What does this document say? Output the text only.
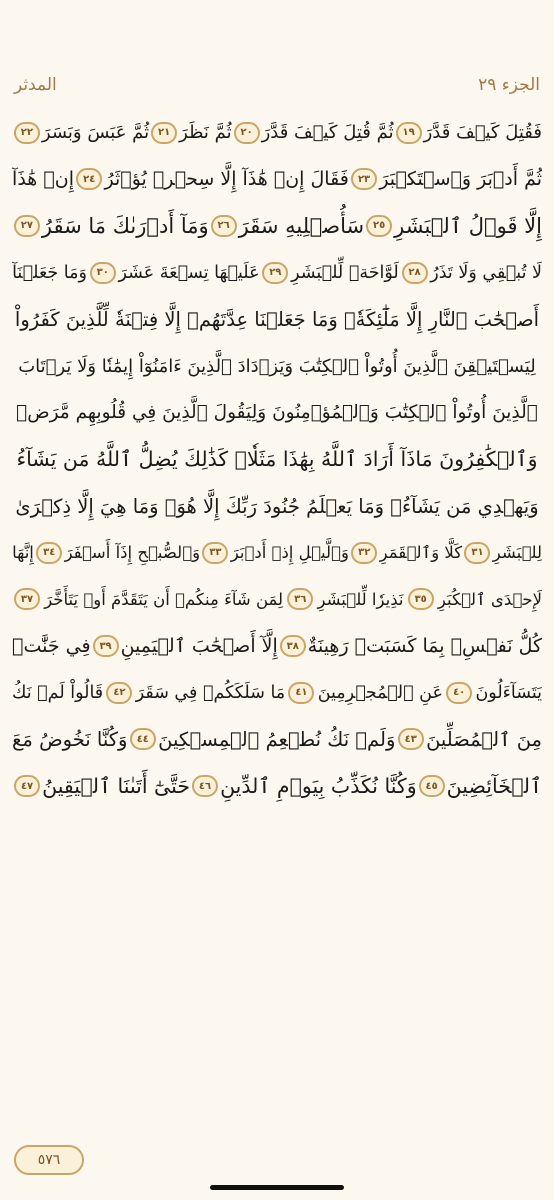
المدثر	الجزء ٢٩
فَقُتِلَ كَيۡفَ قَدَّرَ
١٩
ثُمَّ قُتِلَ كَيۡفَ قَدَّرَ
٢٠
ثُمَّ نَظَرَ
٢١
ثُمَّ عَبَسَ وَبَسَرَ
٢٢
ثُمَّ أَدۡبَرَ وَٱسۡتَكۡبَرَ
٢٣
فَقَالَ إِنۡ هَٰذَآ إِلَّا سِحۡرٞ يُؤۡثَرُ
٢٤
إِنۡ هَٰذَآ
إِلَّا قَوۡلُ ٱلۡبَشَرِ
٢٥
سَأُصۡلِيهِ سَقَرَ
٢٦
وَمَآ أَدۡرَىٰكَ مَا سَقَرُ
٢٧
لَا تُبۡقِي وَلَا تَذَرُ
٢٨
لَوَّاحَةٞ لِّلۡبَشَرِ
٢٩
عَلَيۡهَا تِسۡعَةَ عَشَرَ
٣٠
وَمَا جَعَلۡنَآ
أَصۡحَٰبَ ٱلنَّارِ إِلَّا مَلَٰٓئِكَةٗۖ وَمَا جَعَلۡنَا عِدَّتَهُمۡ إِلَّا فِتۡنَةٗ لِّلَّذِينَ كَفَرُواْ
لِيَسۡتَيۡقِنَ ٱلَّذِينَ أُوتُواْ ٱلۡكِتَٰبَ وَيَزۡدَادَ ٱلَّذِينَ ءَامَنُوٓاْ إِيمَٰنٗا وَلَا يَرۡتَابَ
ٱلَّذِينَ أُوتُواْ ٱلۡكِتَٰبَ وَٱلۡمُؤۡمِنُونَ وَلِيَقُولَ ٱلَّذِينَ فِي قُلُوبِهِم مَّرَضٞ
وَٱلۡكَٰفِرُونَ مَاذَآ أَرَادَ ٱللَّهُ بِهَٰذَا مَثَلٗاۚ كَذَٰلِكَ يُضِلُّ ٱللَّهُ مَن يَشَآءُ
وَيَهۡدِي مَن يَشَآءُۚ وَمَا يَعۡلَمُ جُنُودَ رَبِّكَ إِلَّا هُوَۚ وَمَا هِيَ إِلَّا ذِكۡرَىٰ
لِلۡبَشَرِ
٣١
كَلَّا وَٱلۡقَمَرِ
٣٢
وَٱلَّيۡلِ إِذۡ أَدۡبَرَ
٣٣
وَٱلصُّبۡحِ إِذَآ أَسۡفَرَ
٣٤
إِنَّهَا
لَإِحۡدَى ٱلۡكُبَرِ
٣٥
نَذِيرٗا لِّلۡبَشَرِ
٣٦
لِمَن شَآءَ مِنكُمۡ أَن يَتَقَدَّمَ أَوۡ يَتَأَخَّرَ
٣٧
كُلُّ نَفۡسِۭ بِمَا كَسَبَتۡ رَهِينَةٌ
٣٨
إِلَّآ أَصۡحَٰبَ ٱلۡيَمِينِ
٣٩
فِي جَنَّٰتٖ
يَتَسَآءَلُونَ
٤٠
عَنِ ٱلۡمُجۡرِمِينَ
٤١
مَا سَلَكَكُمۡ فِي سَقَرَ
٤٢
قَالُواْ لَمۡ نَكُ
مِنَ ٱلۡمُصَلِّينَ
٤٣
وَلَمۡ نَكُ نُطۡعِمُ ٱلۡمِسۡكِينَ
٤٤
وَكُنَّا نَخُوضُ مَعَ
ٱلۡخَآئِضِينَ
٤٥
وَكُنَّا نُكَذِّبُ بِيَوۡمِ ٱلدِّينِ
٤٦
حَتَّىٰٓ أَتَىٰنَا ٱلۡيَقِينُ
٤٧
٥٧٦
